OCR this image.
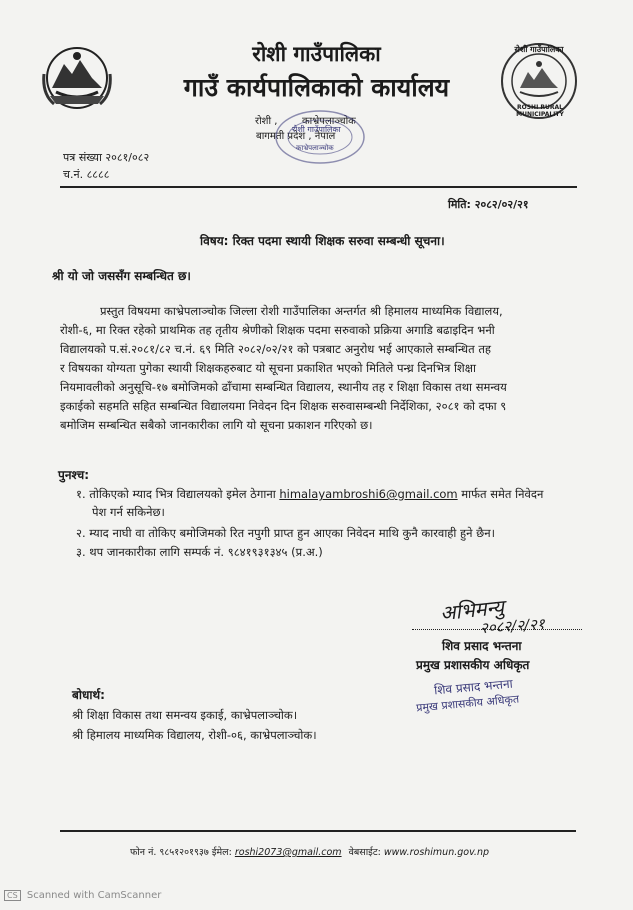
रोशी गाउँपालिका
गाउँ कार्यपालिकाको कार्यालय
रोशी गाउँपालिका
ROSHI RURAL MUNICIPALITY
रोशी , काभ्रेपलाञ्चोक
बागमती प्रदेश , नेपाल
रोशी गाउँपालिका
काभ्रेपलाञ्चोक
पत्र संख्या २०८१/०८२
च.नं. ८८८८
मिति: २०८२/०२/२१
विषय: रिक्त पदमा स्थायी शिक्षक सरुवा सम्बन्धी सूचना।
श्री यो जो जससँग सम्बन्धित छ।
प्रस्तुत विषयमा काभ्रेपलाञ्चोक जिल्ला रोशी गाउँपालिका अन्तर्गत श्री हिमालय माध्यमिक विद्यालय,
रोशी-६, मा रिक्त रहेको प्राथमिक तह तृतीय श्रेणीको शिक्षक पदमा सरुवाको प्रक्रिया अगाडि बढाइदिन भनी
विद्यालयको प.सं.२०८१/८२ च.नं. ६९ मिति २०८२/०२/२१ को पत्रबाट अनुरोध भई आएकाले सम्बन्धित तह
र विषयका योग्यता पुगेका स्थायी शिक्षकहरुबाट यो सूचना प्रकाशित भएको मितिले पन्ध्र दिनभित्र शिक्षा
नियमावलीको अनुसूचि-१७ बमोजिमको ढाँचामा सम्बन्धित विद्यालय, स्थानीय तह र शिक्षा विकास तथा समन्वय
इकाईको सहमति सहित सम्बन्धित विद्यालयमा निवेदन दिन शिक्षक सरुवासम्बन्धी निर्देशिका, २०८१ को दफा ९
बमोजिम सम्बन्धित सबैको जानकारीका लागि यो सूचना प्रकाशन गरिएको छ।
पुनश्च:
१. तोकिएको म्याद भित्र विद्यालयको इमेल ठेगाना himalayambroshi6@gmail.com मार्फत समेत निवेदन
पेश गर्न सकिनेछ।
२. म्याद नाघी वा तोकिए बमोजिमको रित नपुगी प्राप्त हुन आएका निवेदन माथि कुनै कारवाही हुने छैन।
३. थप जानकारीका लागि सम्पर्क नं. ९८४१९३१३४५ (प्र.अ.)
अभिमन्यु
२०८२/२/२१
शिव प्रसाद भन्तना
प्रमुख प्रशासकीय अधिकृत
शिव प्रसाद भन्तना
प्रमुख प्रशासकीय अधिकृत
बोधार्थ:
श्री शिक्षा विकास तथा समन्वय इकाई, काभ्रेपलाञ्चोक।
श्री हिमालय माध्यमिक विद्यालय, रोशी-०६, काभ्रेपलाञ्चोक।
फोन नं. ९८५१२०१९३७ ईमेल: roshi2073@gmail.com वेबसाईट: www.roshimun.gov.np
CS Scanned with CamScanner
